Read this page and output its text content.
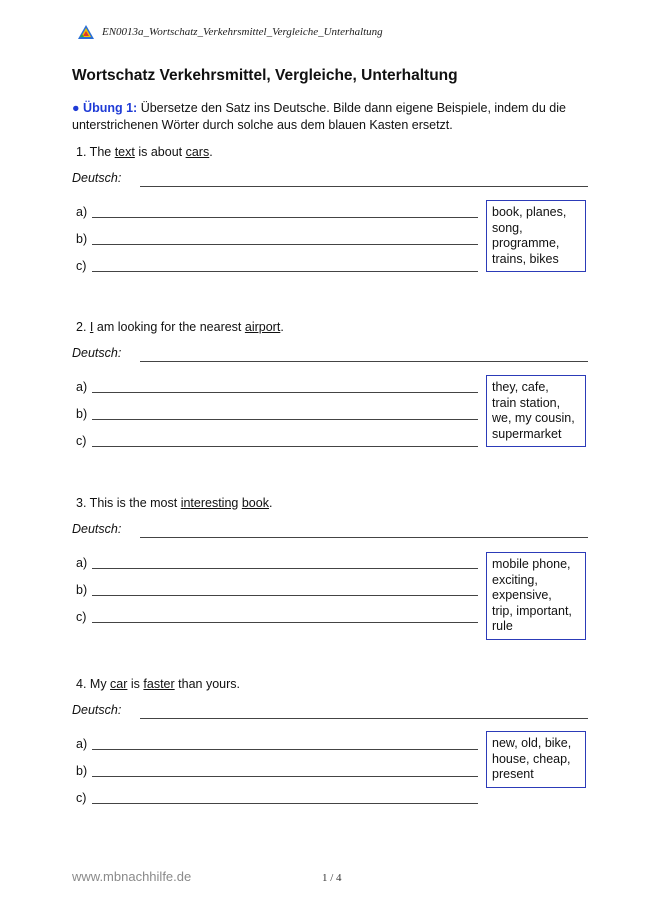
EN0013a_Wortschatz_Verkehrsmittel_Vergleiche_Unterhaltung
Wortschatz Verkehrsmittel, Vergleiche, Unterhaltung
● Übung 1: Übersetze den Satz ins Deutsche. Bilde dann eigene Beispiele, indem du die unterstrichenen Wörter durch solche aus dem blauen Kasten ersetzt.
1. The text is about cars.
Deutsch:
a)
b)
c)
book, planes,
song,
programme,
trains, bikes
2. I am looking for the nearest airport.
Deutsch:
a)
b)
c)
they, cafe,
train station,
we, my cousin,
supermarket
3. This is the most interesting book.
Deutsch:
a)
b)
c)
mobile phone,
exciting,
expensive,
trip, important,
rule
4. My car is faster than yours.
Deutsch:
a)
b)
c)
new, old, bike,
house, cheap,
present
www.mbnachhilfe.de	1 / 4
